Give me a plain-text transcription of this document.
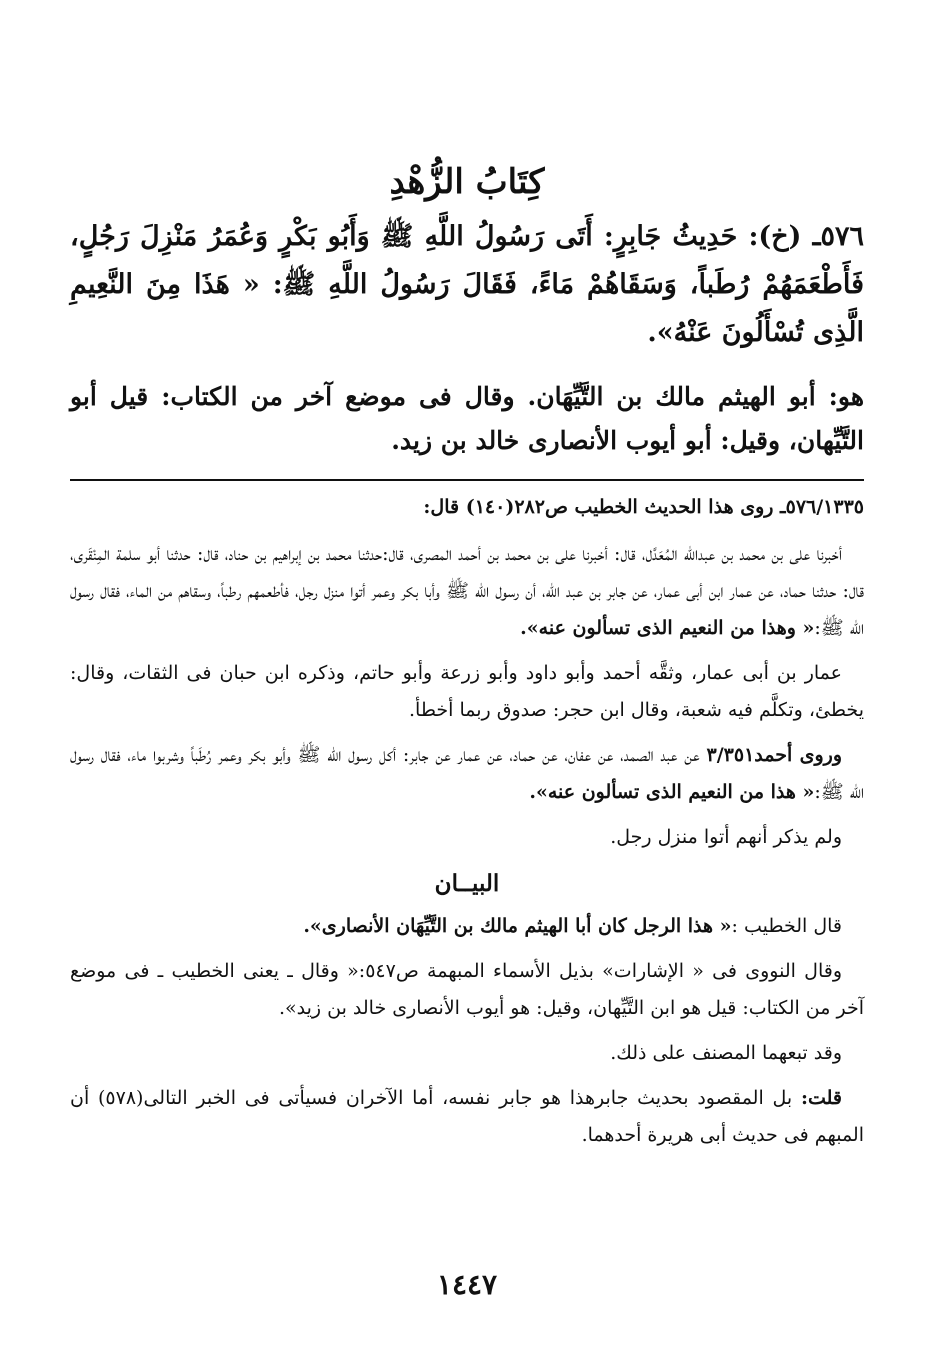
كِتَابُ الزُّهْدِ

٥٧٦ـ (خ): حَدِيثُ جَابِرٍ: أَتَى رَسُولُ اللَّهِ ﷺ وَأَبُو بَكْرٍ وَعُمَرُ مَنْزِلَ رَجُلٍ، فَأَطْعَمَهُمْ رُطَباً، وَسَقَاهُمْ مَاءً، فَقَالَ رَسُولُ اللَّهِ ﷺ: « هَذَا مِنَ النَّعِيمِ الَّذِى تُسْأَلُونَ عَنْهُ».

هو: أبو الهيثم مالك بن التَّيِّهَان. وقال فى موضع آخر من الكتاب: قيل أبو التَّيِّهان، وقيل: أبو أيوب الأنصارى خالد بن زيد.

٥٧٦/١٣٣٥ـ روى هذا الحديث الخطيب ص٢٨٢(١٤٠) قال:

أخبرنا على بن محمد بن عبدالله المُعَدَّل، قال: أخبرنا على بن محمد بن أحمد المصرى، قال:حدثنا محمد بن إبراهيم بن حناد، قال: حدثنا أبو سلمة المِنْقَرى، قال: حدثنا حماد، عن عمار ابن أبى عمار، عن جابر بن عبد الله، أن رسول الله ﷺ وأبا بكر وعمر أتوا منزل رجل، فأطعمهم رطباً، وسقاهم من الماء، فقال رسول الله ﷺ:« وهذا من النعيم الذى تسألون عنه».

عمار بن أبى عمار، وثقَّه أحمد وأبو داود وأبو زرعة وأبو حاتم، وذكره ابن حبان فى الثقات، وقال: يخطئ، وتكلَّم فيه شعبة، وقال ابن حجر: صدوق ربما أخطأ.

وروى أحمد٣/٣٥١ عن عبد الصمد، عن عفان، عن حماد، عن عمار عن جابر: أكل رسول الله ﷺ وأبو بكر وعمر رُطَباً وشربوا ماء، فقال رسول الله ﷺ:« هذا من النعيم الذى تسألون عنه».

ولم يذكر أنهم أتوا منزل رجل.

البيــان

قال الخطيب :« هذا الرجل كان أبا الهيثم مالك بن التَّيِّهَان الأنصارى».

وقال النووى فى « الإشارات» بذيل الأسماء المبهمة ص٥٤٧:« وقال ـ يعنى الخطيب ـ فى موضع آخر من الكتاب: قيل هو ابن التَّيِّهان، وقيل: هو أيوب الأنصارى خالد بن زيد».

وقد تبعهما المصنف على ذلك.

قلت: بل المقصود بحديث جابرهذا هو جابر نفسه، أما الآخران فسيأتى فى الخبر التالى(٥٧٨) أن المبهم فى حديث أبى هريرة أحدهما.

١٤٤٧
